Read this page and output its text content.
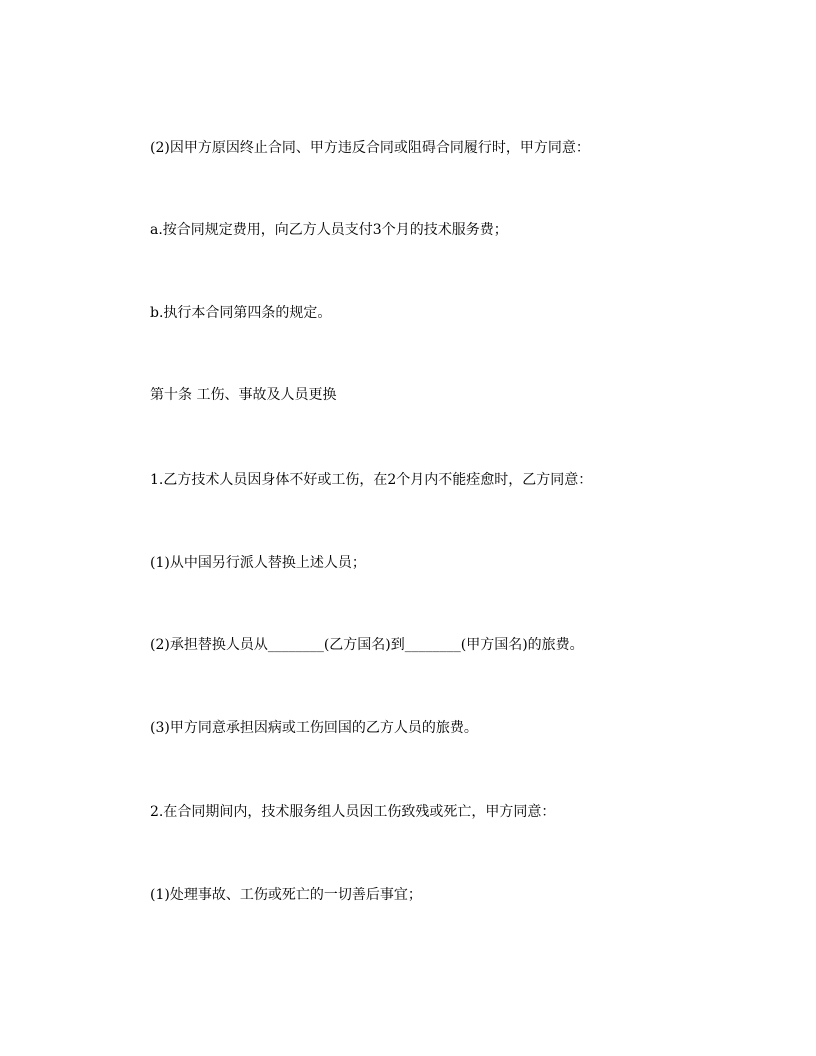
(2)因甲方原因终止合同、甲方违反合同或阻碍合同履行时，甲方同意：

a.按合同规定费用，向乙方人员支付3个月的技术服务费；

b.执行本合同第四条的规定。

第十条 工伤、事故及人员更换

1.乙方技术人员因身体不好或工伤，在2个月内不能痊愈时，乙方同意：

(1)从中国另行派人替换上述人员；

(2)承担替换人员从________(乙方国名)到________(甲方国名)的旅费。

(3)甲方同意承担因病或工伤回国的乙方人员的旅费。

2.在合同期间内，技术服务组人员因工伤致残或死亡，甲方同意：

(1)处理事故、工伤或死亡的一切善后事宜；
